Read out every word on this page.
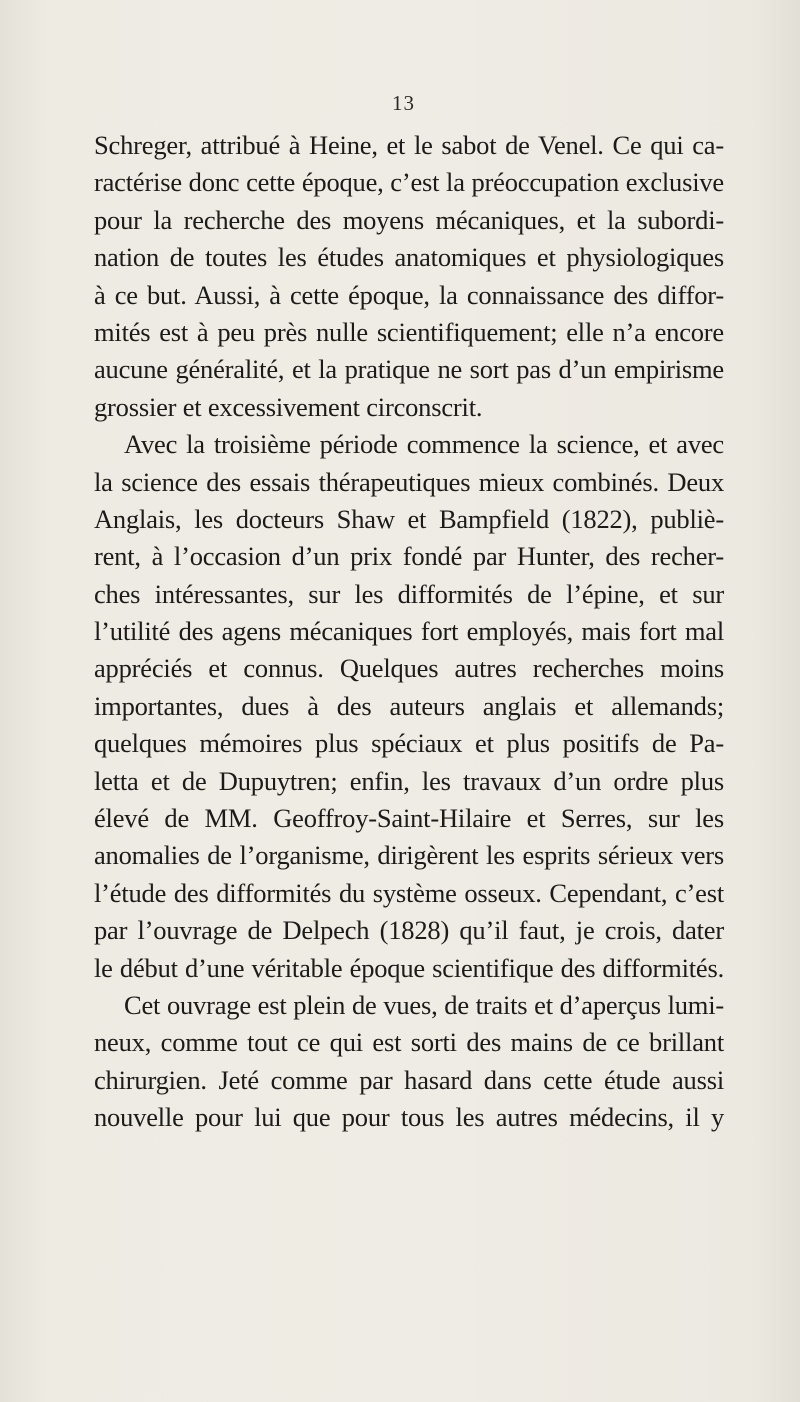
13
Schreger, attribué à Heine, et le sabot de Venel. Ce qui ca-
ractérise donc cette époque, c’est la préoccupation exclusive
pour la recherche des moyens mécaniques, et la subordi-
nation de toutes les études anatomiques et physiologiques
à ce but. Aussi, à cette époque, la connaissance des diffor-
mités est à peu près nulle scientifiquement; elle n’a encore
aucune généralité, et la pratique ne sort pas d’un empirisme
grossier et excessivement circonscrit.
Avec la troisième période commence la science, et avec
la science des essais thérapeutiques mieux combinés. Deux
Anglais, les docteurs Shaw et Bampfield (1822), publiè-
rent, à l’occasion d’un prix fondé par Hunter, des recher-
ches intéressantes, sur les difformités de l’épine, et sur
l’utilité des agens mécaniques fort employés, mais fort mal
appréciés et connus. Quelques autres recherches moins
importantes, dues à des auteurs anglais et allemands;
quelques mémoires plus spéciaux et plus positifs de Pa-
letta et de Dupuytren; enfin, les travaux d’un ordre plus
élevé de MM. Geoffroy-Saint-Hilaire et Serres, sur les
anomalies de l’organisme, dirigèrent les esprits sérieux vers
l’étude des difformités du système osseux. Cependant, c’est
par l’ouvrage de Delpech (1828) qu’il faut, je crois, dater
le début d’une véritable époque scientifique des difformités.
Cet ouvrage est plein de vues, de traits et d’aperçus lumi-
neux, comme tout ce qui est sorti des mains de ce brillant
chirurgien. Jeté comme par hasard dans cette étude aussi
nouvelle pour lui que pour tous les autres médecins, il y
